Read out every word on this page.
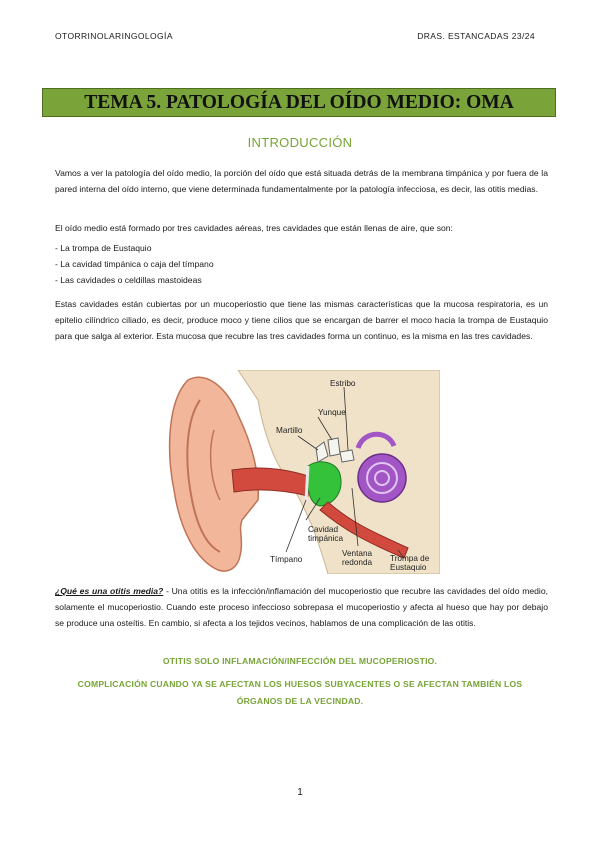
OTORRINOLARINGOLOGÍA	DRAS. ESTANCADAS 23/24
TEMA 5. PATOLOGÍA DEL OÍDO MEDIO: OMA
INTRODUCCIÓN
Vamos a ver la patología del oído medio, la porción del oído que está situada detrás de la membrana timpánica y por fuera de la pared interna del oído interno, que viene determinada fundamentalmente por la patología infecciosa, es decir, las otitis medias.
El oído medio está formado por tres cavidades aéreas, tres cavidades que están llenas de aire, que son:
- La trompa de Eustaquio
- La cavidad timpánica o caja del tímpano
- Las cavidades o celdillas mastoideas
Estas cavidades están cubiertas por un mucoperiostio que tiene las mismas características que la mucosa respiratoria, es un epitelio cilíndrico ciliado, es decir, produce moco y tiene cilios que se encargan de barrer el moco hacia la trompa de Eustaquio para que salga al exterior. Esta mucosa que recubre las tres cavidades forma un continuo, es la misma en las tres cavidades.
Estribo
Yunque
Martillo
Cavidad
timpánica
Tímpano
Ventana
redonda Trompa de
Eustaquio
¿Qué es una otitis media? - Una otitis es la infección/inflamación del mucoperiostio que recubre las cavidades del oído medio, solamente el mucoperiostio. Cuando este proceso infeccioso sobrepasa el mucoperiostio y afecta al hueso que hay por debajo se produce una osteítis. En cambio, si afecta a los tejidos vecinos, hablamos de una complicación de las otitis.
OTITIS SOLO INFLAMACIÓN/INFECCIÓN DEL MUCOPERIOSTIO.
COMPLICACIÓN CUANDO YA SE AFECTAN LOS HUESOS SUBYACENTES O SE AFECTAN TAMBIÉN LOS
ÓRGANOS DE LA VECINDAD.
1
